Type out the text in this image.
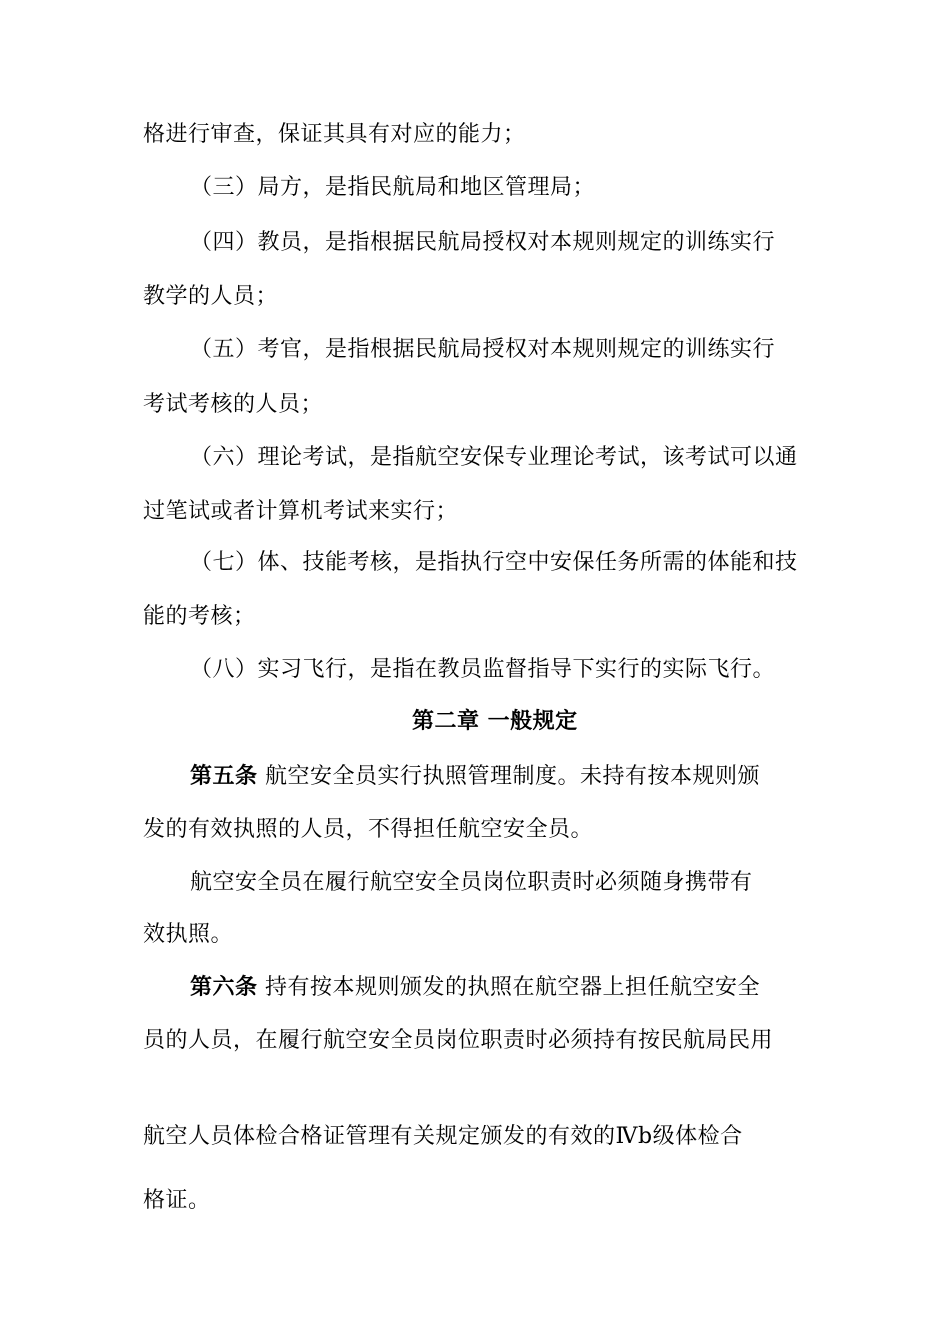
格进行审查，保证其具有对应的能力；
（三）局方，是指民航局和地区管理局；
（四）教员，是指根据民航局授权对本规则规定的训练实行
教学的人员；
（五）考官，是指根据民航局授权对本规则规定的训练实行
考试考核的人员；
（六）理论考试，是指航空安保专业理论考试，该考试可以通
过笔试或者计算机考试来实行；
（七）体、技能考核，是指执行空中安保任务所需的体能和技
能的考核；
（八）实习飞行，是指在教员监督指导下实行的实际飞行。
第二章 一般规定
第五条 航空安全员实行执照管理制度。未持有按本规则颁
发的有效执照的人员，不得担任航空安全员。
航空安全员在履行航空安全员岗位职责时必须随身携带有
效执照。
第六条 持有按本规则颁发的执照在航空器上担任航空安全
员的人员，在履行航空安全员岗位职责时必须持有按民航局民用
航空人员体检合格证管理有关规定颁发的有效的Ⅳb级体检合
格证。
